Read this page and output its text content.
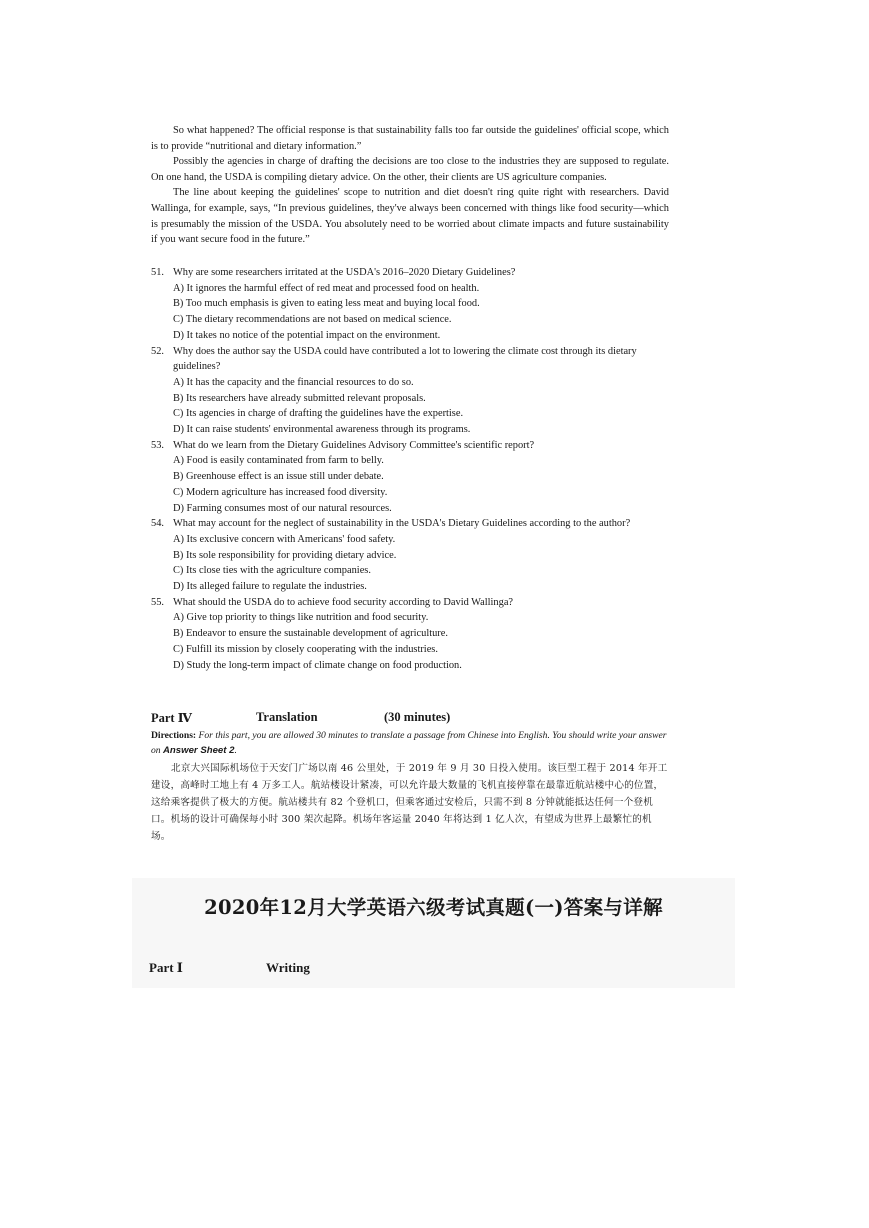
So what happened? The official response is that sustainability falls too far outside the guidelines' official scope, which is to provide “nutritional and dietary information.”

Possibly the agencies in charge of drafting the decisions are too close to the industries they are supposed to regulate. On one hand, the USDA is compiling dietary advice. On the other, their clients are US agriculture companies.

The line about keeping the guidelines' scope to nutrition and diet doesn't ring quite right with researchers. David Wallinga, for example, says, “In previous guidelines, they've always been concerned with things like food security—which is presumably the mission of the USDA. You absolutely need to be worried about climate impacts and future sustainability if you want secure food in the future.”

51. Why are some researchers irritated at the USDA's 2016–2020 Dietary Guidelines?
A) It ignores the harmful effect of red meat and processed food on health.
B) Too much emphasis is given to eating less meat and buying local food.
C) The dietary recommendations are not based on medical science.
D) It takes no notice of the potential impact on the environment.
52. Why does the author say the USDA could have contributed a lot to lowering the climate cost through its dietary guidelines?
A) It has the capacity and the financial resources to do so.
B) Its researchers have already submitted relevant proposals.
C) Its agencies in charge of drafting the guidelines have the expertise.
D) It can raise students' environmental awareness through its programs.
53. What do we learn from the Dietary Guidelines Advisory Committee's scientific report?
A) Food is easily contaminated from farm to belly.
B) Greenhouse effect is an issue still under debate.
C) Modern agriculture has increased food diversity.
D) Farming consumes most of our natural resources.
54. What may account for the neglect of sustainability in the USDA's Dietary Guidelines according to the author?
A) Its exclusive concern with Americans' food safety.
B) Its sole responsibility for providing dietary advice.
C) Its close ties with the agriculture companies.
D) Its alleged failure to regulate the industries.
55. What should the USDA do to achieve food security according to David Wallinga?
A) Give top priority to things like nutrition and food security.
B) Endeavor to ensure the sustainable development of agriculture.
C) Fulfill its mission by closely cooperating with the industries.
D) Study the long-term impact of climate change on food production.
Part Ⅳ	Translation	(30 minutes)
Directions: For this part, you are allowed 30 minutes to translate a passage from Chinese into English. You should write your answer on Answer Sheet 2.
北京大兴国际机场位于天安门广场以南 46 公里处，于 2019 年 9 月 30 日投入使用。该巨型工程于 2014 年开工建设，高峰时工地上有 4 万多工人。航站楼设计紧凑，可以允许最大数量的飞机直接停靠在最靠近航站楼中心的位置，这给乘客提供了极大的方便。航站楼共有 82 个登机口，但乘客通过安检后，只需不到 8 分钟就能抵达任何一个登机口。机场的设计可确保每小时 300 架次起降。机场年客运量 2040 年将达到 1 亿人次，有望成为世界上最繁忙的机场。
2020年12月大学英语六级考试真题(一)答案与详解
Part Ⅰ	Writing
